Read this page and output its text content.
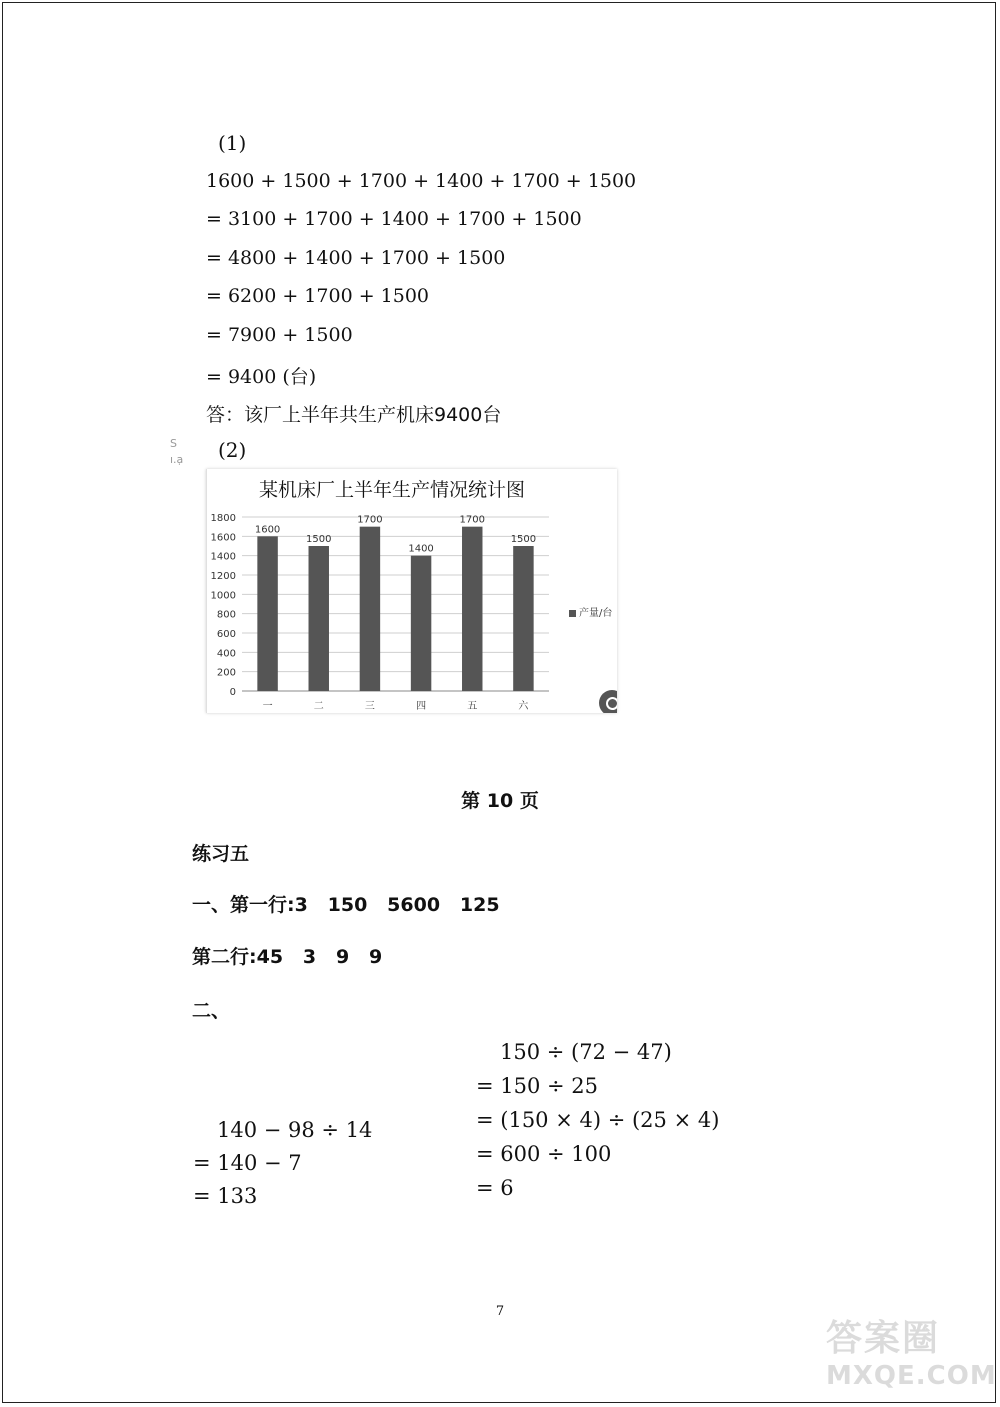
(1)
1600 + 1500 + 1700 + 1400 + 1700 + 1500
= 3100 + 1700 + 1400 + 1700 + 1500
= 4800 + 1400 + 1700 + 1500
= 6200 + 1700 + 1500
= 7900 + 1500
= 9400 (台)
答：该厂上半年共生产机床9400台
S
ı.ạ (2)
某机床厂上半年生产情况统计图
0
200
400
600
800
1000
1200
1400
1600
1800
1600
一
1500
二
1700
三
1400
四
1700
五
1500
六
产量/台
第 10 页
练习五
一、第一行:3   150   5600   125
第二行:45   3   9   9
二、
150 ÷ (72 − 47)
= 150 ÷ 25
= (150 × 4) ÷ (25 × 4)
= 600 ÷ 100
= 6
140 − 98 ÷ 14
= 140 − 7
= 133
7
答案圈
MXQE.COM
